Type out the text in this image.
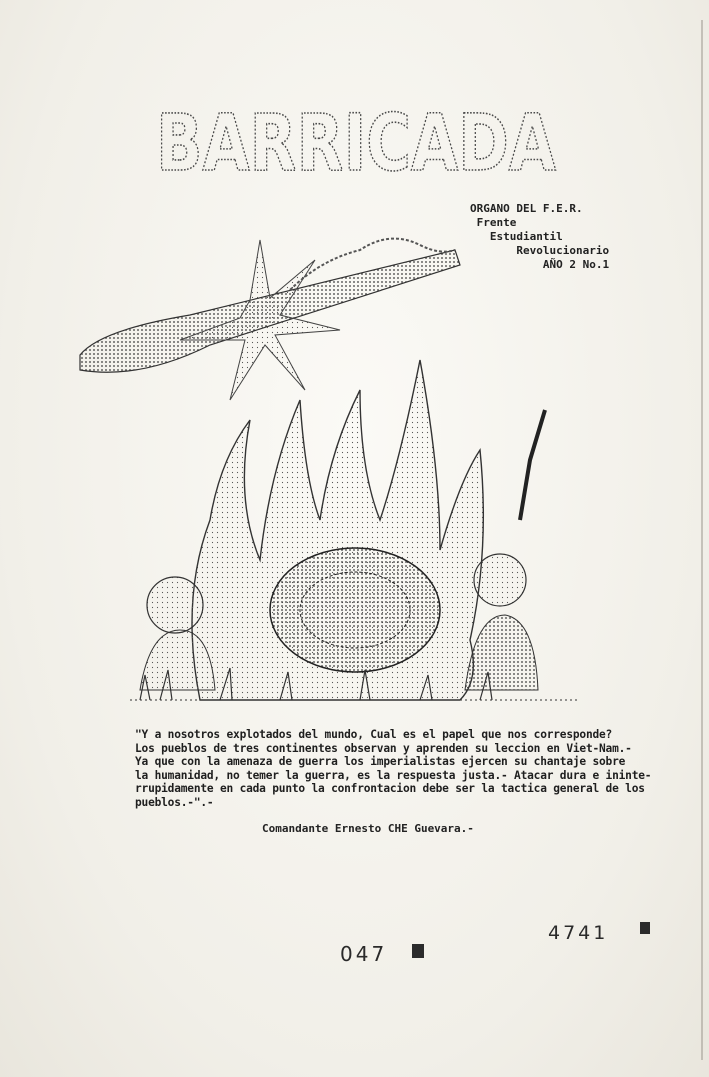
BARRICADA
ORGANO DEL F.E.R.
Frente
Estudiantil
Revolucionario
AÑO 2 No.1
"Y a nosotros explotados del mundo, Cual es el papel que nos corresponde?
Los pueblos de tres continentes observan y aprenden su leccion en Viet-Nam.-
Ya que con la amenaza de guerra los imperialistas ejercen su chantaje sobre
la humanidad, no temer la guerra, es la respuesta justa.- Atacar dura e ininte-
rrupidamente en cada punto la confrontacion debe ser la tactica general de los
pueblos.-".-
Comandante Ernesto CHE Guevara.-
047
4741
